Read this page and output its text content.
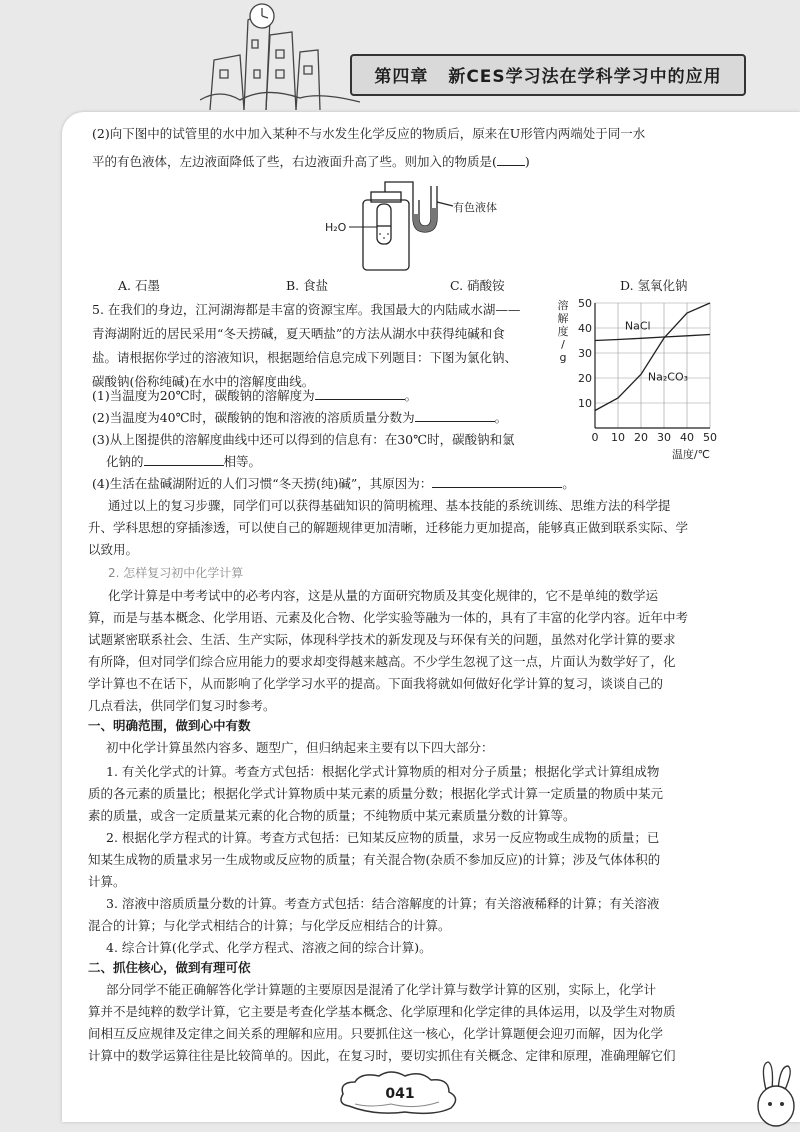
第四章 新CES学习法在学科学习中的应用
(2)向下图中的试管里的水中加入某种不与水发生化学反应的物质后，原来在U形管内两端处于同一水
平的有色液体，左边液面降低了些，右边液面升高了些。则加入的物质是( )
有色液体
H₂O
A. 石墨	B. 食盐	C. 硝酸铵	D. 氢氧化钠
5. 在我们的身边，江河湖海都是丰富的资源宝库。我国最大的内陆咸水湖——
青海湖附近的居民采用“冬天捞碱，夏天晒盐”的方法从湖水中获得纯碱和食
盐。请根据你学过的溶液知识，根据题给信息完成下列题目：下图为氯化钠、
碳酸钠(俗称纯碱)在水中的溶解度曲线。
(1)当温度为20℃时，碳酸钠的溶解度为	。
(2)当温度为40℃时，碳酸钠的饱和溶液的溶质质量分数为	。
(3)从上图提供的溶解度曲线中还可以得到的信息有：在30℃时，碳酸钠和氯
化钠的	相等。
(4)生活在盐碱湖附近的人们习惯“冬天捞(纯)碱”，其原因为：	。
0 10 20 30 40 50
10
20
30
40
50
溶
解
度
/
g
温度/℃
NaCl
Na₂CO₃
通过以上的复习步骤，同学们可以获得基础知识的简明梳理、基本技能的系统训练、思维方法的科学提
升、学科思想的穿插渗透，可以使自己的解题规律更加清晰，迁移能力更加提高，能够真正做到联系实际、学
以致用。
2. 怎样复习初中化学计算
化学计算是中考考试中的必考内容，这是从量的方面研究物质及其变化规律的，它不是单纯的数学运
算，而是与基本概念、化学用语、元素及化合物、化学实验等融为一体的，具有了丰富的化学内容。近年中考
试题紧密联系社会、生活、生产实际，体现科学技术的新发现及与环保有关的问题，虽然对化学计算的要求
有所降，但对同学们综合应用能力的要求却变得越来越高。不少学生忽视了这一点，片面认为数学好了，化
学计算也不在话下，从而影响了化学学习水平的提高。下面我将就如何做好化学计算的复习，谈谈自己的
几点看法，供同学们复习时参考。
一、明确范围，做到心中有数
初中化学计算虽然内容多、题型广，但归纳起来主要有以下四大部分：
1. 有关化学式的计算。考查方式包括：根据化学式计算物质的相对分子质量；根据化学式计算组成物
质的各元素的质量比；根据化学式计算物质中某元素的质量分数；根据化学式计算一定质量的物质中某元
素的质量，或含一定质量某元素的化合物的质量；不纯物质中某元素质量分数的计算等。
2. 根据化学方程式的计算。考查方式包括：已知某反应物的质量，求另一反应物或生成物的质量；已
知某生成物的质量求另一生成物或反应物的质量；有关混合物(杂质不参加反应)的计算；涉及气体体积的
计算。
3. 溶液中溶质质量分数的计算。考查方式包括：结合溶解度的计算；有关溶液稀释的计算；有关溶液
混合的计算；与化学式相结合的计算；与化学反应相结合的计算。
4. 综合计算(化学式、化学方程式、溶液之间的综合计算)。
二、抓住核心，做到有理可依
部分同学不能正确解答化学计算题的主要原因是混淆了化学计算与数学计算的区别，实际上，化学计
算并不是纯粹的数学计算，它主要是考查化学基本概念、化学原理和化学定律的具体运用，以及学生对物质
间相互反应规律及定律之间关系的理解和应用。只要抓住这一核心，化学计算题便会迎刃而解，因为化学
计算中的数学运算往往是比较简单的。因此，在复习时，要切实抓住有关概念、定律和原理，准确理解它们
041
